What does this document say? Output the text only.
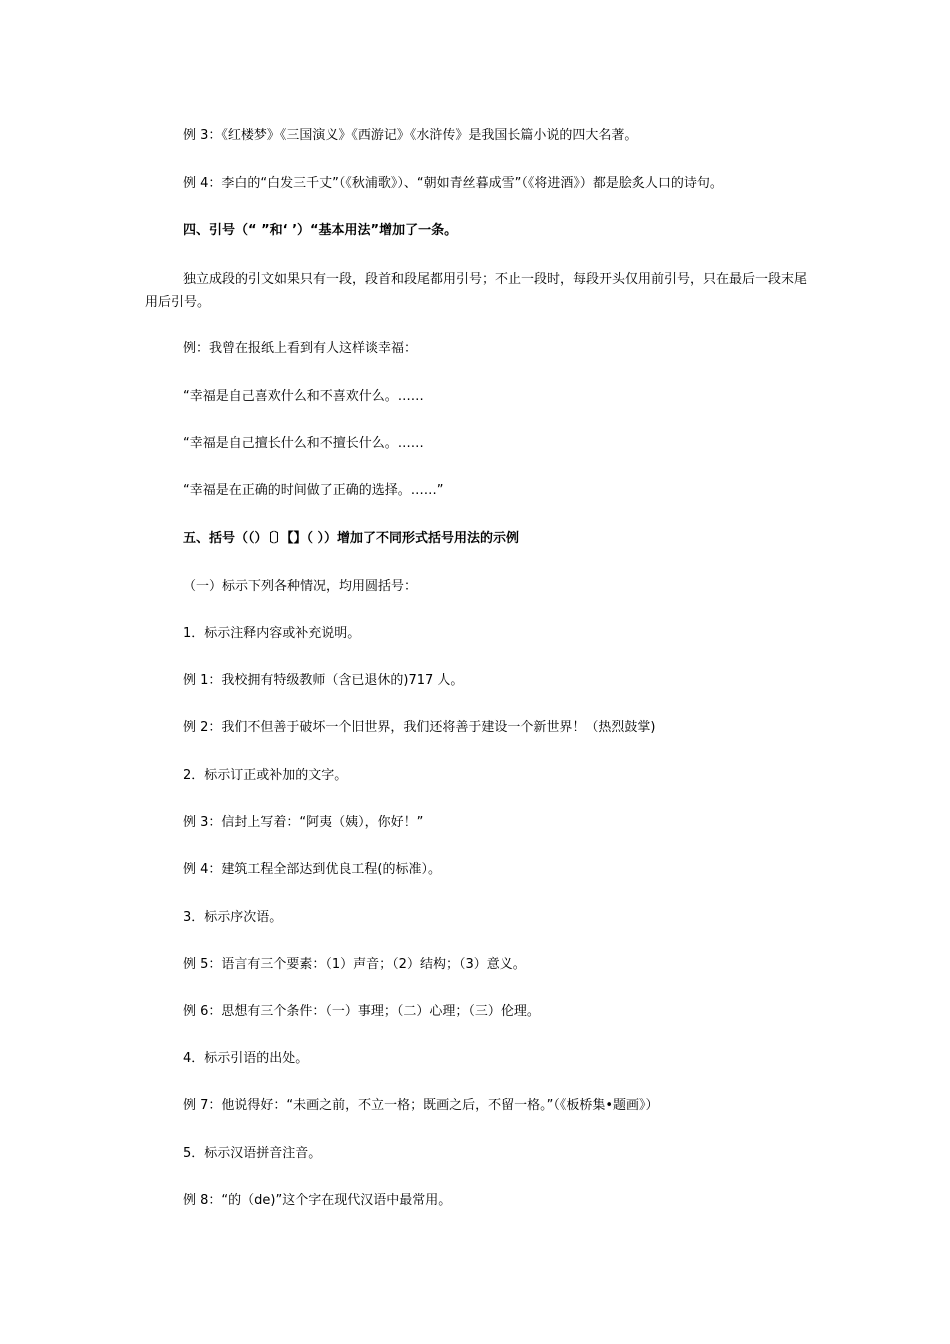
例 3：《红楼梦》《三国演义》《西游记》《水浒传》是我国长篇小说的四大名著。
例 4：李白的“白发三千丈”（《秋浦歌》）、“朝如青丝暮成雪”（《将进酒》）都是脍炙人口的诗句。
四、引号（“ ”和‘ ’）“基本用法”增加了一条。
独立成段的引文如果只有一段，段首和段尾都用引号；不止一段时，每段开头仅用前引号，只在最后一段末尾用后引号。
例：我曾在报纸上看到有人这样谈幸福：
“幸福是自己喜欢什么和不喜欢什么。……
“幸福是自己擅长什么和不擅长什么。……
“幸福是在正确的时间做了正确的选择。……”
五、括号（（）〔〕【】（ ））增加了不同形式括号用法的示例
（一）标示下列各种情况，均用圆括号：
1．标示注释内容或补充说明。
例 1：我校拥有特级教师（含已退休的)717 人。
例 2：我们不但善于破坏一个旧世界，我们还将善于建设一个新世界！（热烈鼓掌)
2．标示订正或补加的文字。
例 3：信封上写着：“阿夷（姨），你好！”
例 4：建筑工程全部达到优良工程(的标准）。
3．标示序次语。
例 5：语言有三个要素：（1）声音；（2）结构；（3）意义。
例 6：思想有三个条件：（一）事理；（二）心理；（三）伦理。
4．标示引语的出处。
例 7：他说得好：“未画之前，不立一格；既画之后，不留一格。”（《板桥集•题画》）
5．标示汉语拼音注音。
例 8：“的（de)”这个字在现代汉语中最常用。
